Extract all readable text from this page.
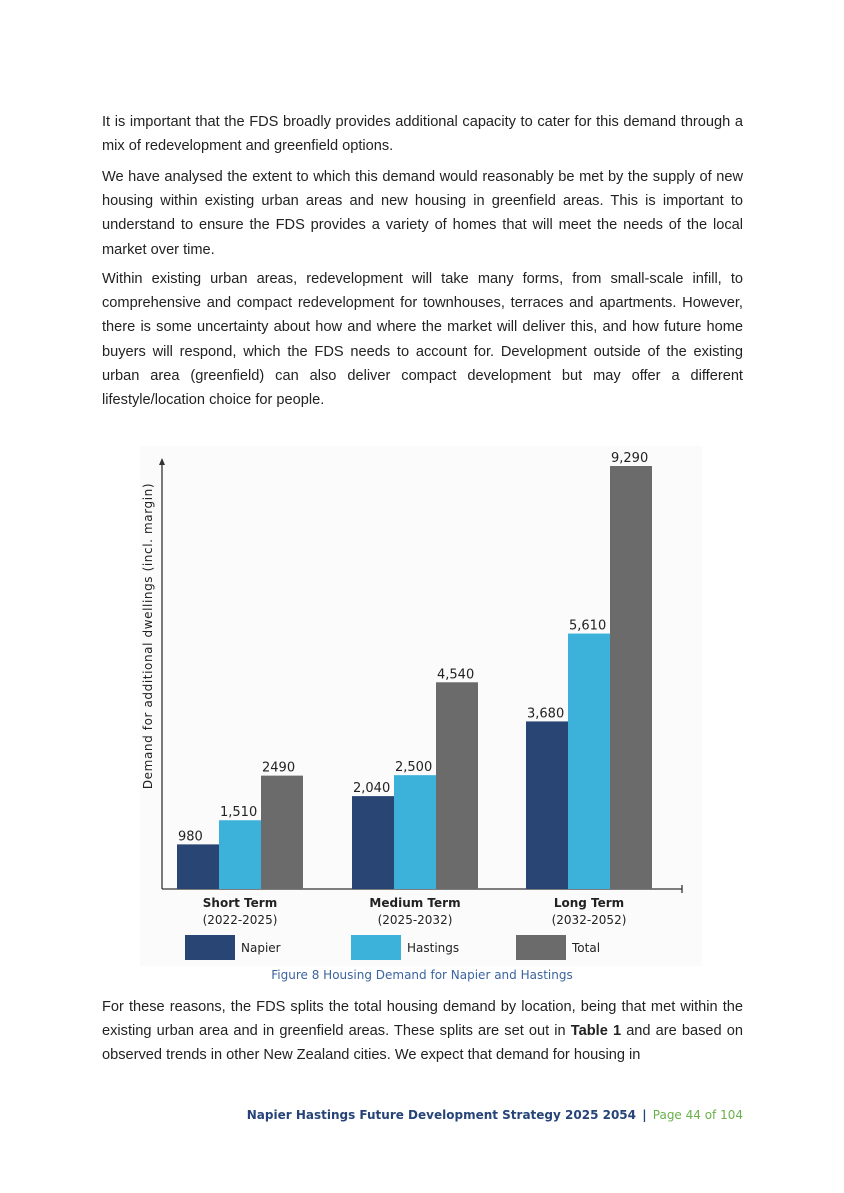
It is important that the FDS broadly provides additional capacity to cater for this demand through a mix of redevelopment and greenfield options.

We have analysed the extent to which this demand would reasonably be met by the supply of new housing within existing urban areas and new housing in greenfield areas. This is important to understand to ensure the FDS provides a variety of homes that will meet the needs of the local market over time.

Within existing urban areas, redevelopment will take many forms, from small-scale infill, to comprehensive and compact redevelopment for townhouses, terraces and apartments. However, there is some uncertainty about how and where the market will deliver this, and how future home buyers will respond, which the FDS needs to account for. Development outside of the existing urban area (greenfield) can also deliver compact development but may offer a different lifestyle/location choice for people.

Demand for additional dwellings (incl. margin)
980
2,040
3,680
1,510
2,500
5,610
2490
4,540
9,290
Short Term
(2022-2025)
Medium Term
(2025-2032)
Long Term
(2032-2052)
Napier	Hastings	Total
Figure 8 Housing Demand for Napier and Hastings

For these reasons, the FDS splits the total housing demand by location, being that met within the existing urban area and in greenfield areas. These splits are set out in Table 1 and are based on observed trends in other New Zealand cities. We expect that demand for housing in

Napier Hastings Future Development Strategy 2025 2054 | Page 44 of 104
